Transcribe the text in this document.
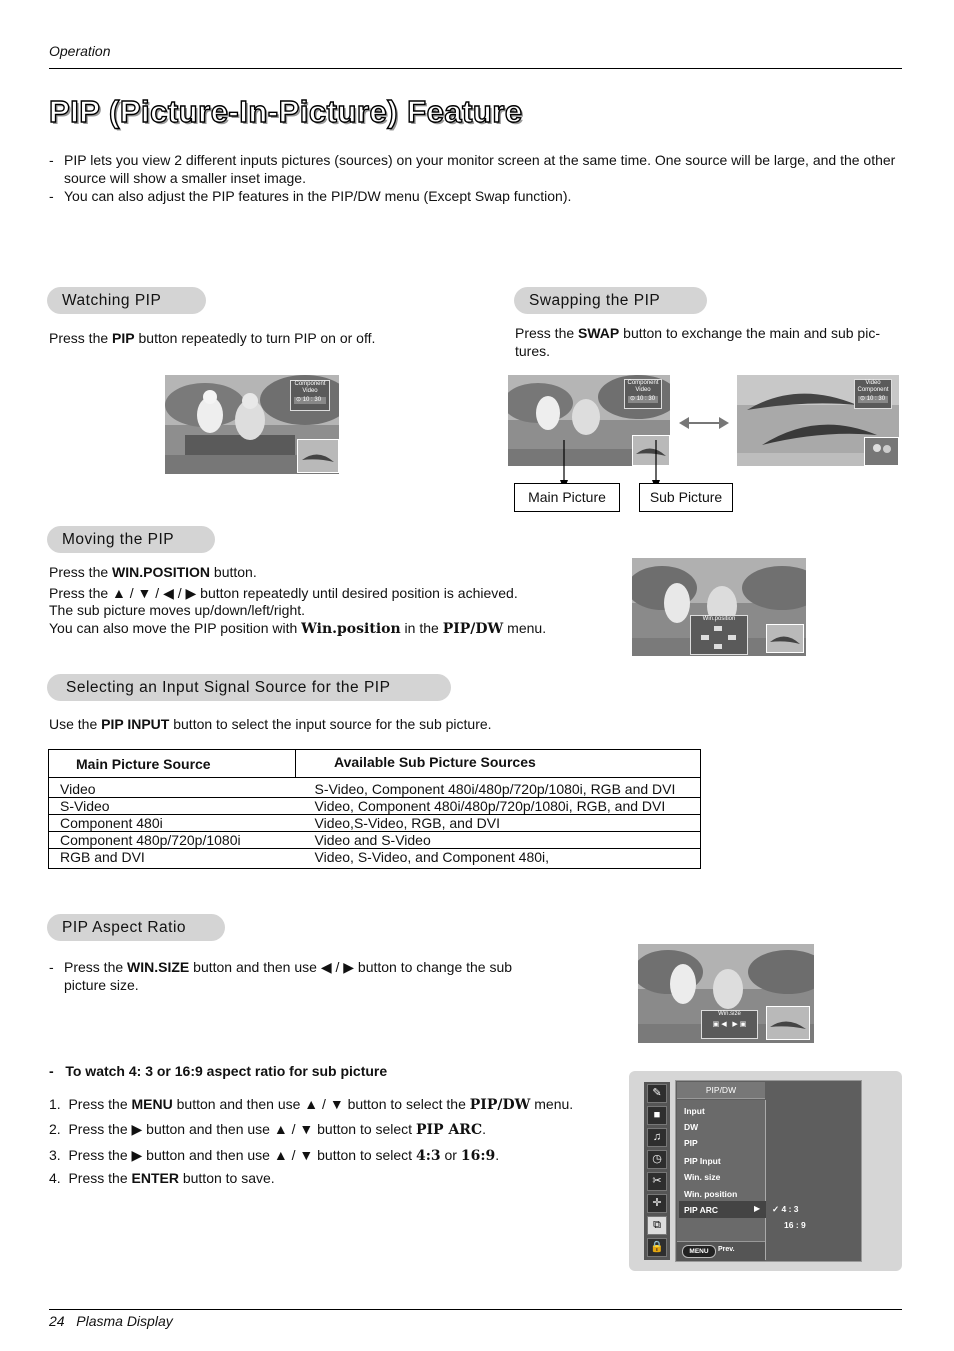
Operation
PIP (Picture-In-Picture) Feature
- PIP lets you view 2 different inputs pictures (sources) on your monitor screen at the same time. One source will be large, and the other source will show a smaller inset image.
- You can also adjust the PIP features in the PIP/DW menu (Except Swap function).
Watching PIP
Press the PIP button repeatedly to turn PIP on or off.
Component
Video
⊙ 10 : 30
Swapping the PIP
Press the SWAP button to exchange the main and sub pic-tures.
Component
Video
⊙ 10 : 30
Video
Component
⊙ 10 : 30
Main Picture	Sub Picture
Moving the PIP
Press the WIN.POSITION button.
Press the ▲ / ▼ / ◀ / ▶ button repeatedly until desired position is achieved.
The sub picture moves up/down/left/right.
You can also move the PIP position with Win.position in the PIP/DW menu.
Win.position
Selecting an Input Signal Source for the PIP
Use the PIP INPUT button to select the input source for the sub picture.
Main Picture Source	Available Sub Picture Sources
Video	S-Video, Component 480i/480p/720p/1080i, RGB and DVI
S-Video	Video, Component 480i/480p/720p/1080i, RGB, and DVI
Component 480i	Video,S-Video, RGB, and DVI
Component 480p/720p/1080i	Video and S-Video
RGB and DVI	Video, S-Video, and Component 480i,
PIP Aspect Ratio
- Press the WIN.SIZE button and then use ◀ / ▶ button to change the sub
picture size.
Win.size
▣ ◀   ▶ ▣
-   To watch 4: 3 or 16:9 aspect ratio for sub picture
1. Press the MENU button and then use ▲ / ▼ button to select the PIP/DW menu.
2. Press the ▶ button and then use ▲ / ▼ button to select PIP ARC.
3. Press the ▶ button and then use ▲ / ▼ button to select 4:3 or 16:9.
4. Press the ENTER button to save.
✎
■
♫
◷
✂
✛
⧉
🔒
PIP/DW
Input
DW
PIP
PIP Input
Win. size
Win. position
PIP ARC	▶ ✓ 4 : 3
16 : 9
MENU	Prev.
24 Plasma Display
